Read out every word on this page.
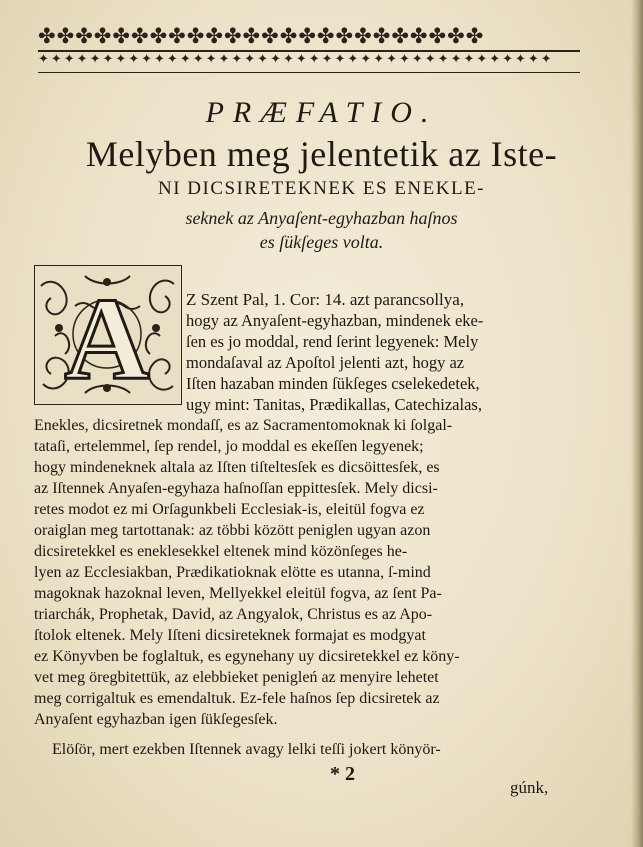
✤✤✤✤✤✤✤✤✤✤✤✤✤✤✤✤✤✤✤✤✤✤✤✤
✦✦✦✦✦✦✦✦✦✦✦✦✦✦✦✦✦✦✦✦✦✦✦✦✦✦✦✦✦✦✦✦✦✦✦✦✦✦✦✦
PRÆFATIO.
Melyben meg jelentetik az Iste-
NI DICSIRETEKNEK ES ENEKLE-
seknek az Anyaſent-egyhazban haſnos
es ſükſeges volta.
A Z Szent Pal, 1. Cor: 14. azt parancsollya,
hogy az Anyaſent-egyhazban, mindenek eke-
ſen es jo moddal, rend ſerint legyenek: Mely
mondaſaval az Apoſtol jelenti azt, hogy az
Iſten hazaban minden ſükſeges cselekedetek,
ugy mint: Tanitas, Prædikallas, Catechizalas,
Enekles, dicsiretnek mondaſſ, es az Sacramentomoknak ki ſolgal-
tataſi, ertelemmel, ſep rendel, jo moddal es ekeſſen legyenek;
hogy mindeneknek altala az Iſten tiſteltesſek es dicsöittesſek, es
az Iſtennek Anyaſen-egyhaza haſnoſſan eppittesſek. Mely dicsi-
retes modot ez mi Orſagunkbeli Ecclesiak-is, eleitül fogva ez
oraiglan meg tartottanak: az többi között peniglen ugyan azon
dicsiretekkel es eneklesekkel eltenek mind közönſeges he-
lyen az Ecclesiakban, Prædikatioknak elötte es utanna, ſ-mind
magoknak hazoknal leven, Mellyekkel eleitül fogva, az ſent Pa-
triarchák, Prophetak, David, az Angyalok, Christus es az Apo-
ſtolok eltenek. Mely Iſteni dicsireteknek formajat es modgyat
ez Könyvben be foglaltuk, es egynehany uy dicsiretekkel ez köny-
vet meg öregbitettük, az elebbieket penigleń az menyire lehetet
meg corrigaltuk es emendaltuk. Ez-fele haſnos ſep dicsiretek az
Anyaſent egyhazban igen ſükſegesſek.
Elöſör, mert ezekben Iſtennek avagy lelki teſſi jokert könyör-
* 2
gúnk,
